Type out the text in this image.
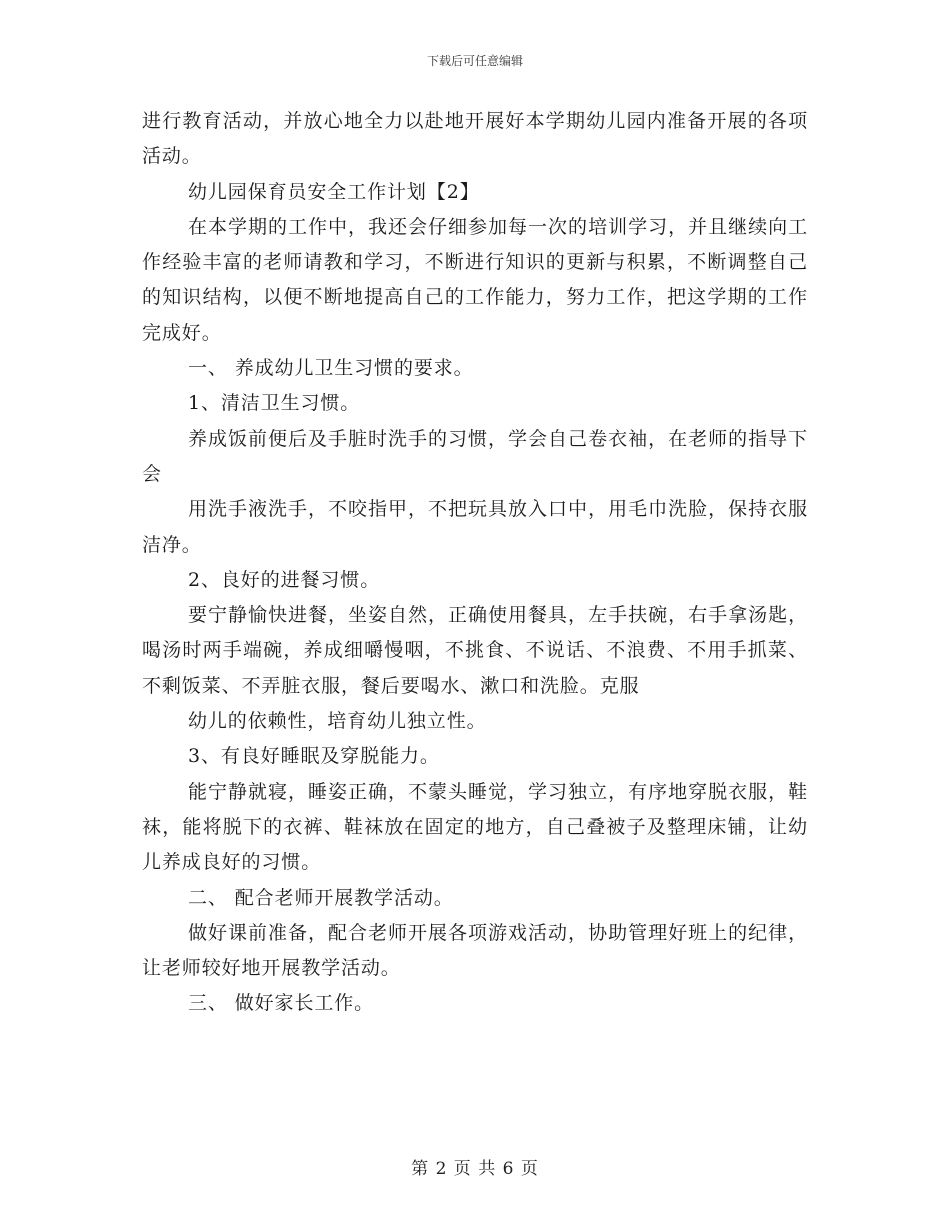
下载后可任意编辑

进行教育活动，并放心地全力以赴地开展好本学期幼儿园内准备开展的各项活动。

幼儿园保育员安全工作计划【2】

在本学期的工作中，我还会仔细参加每一次的培训学习，并且继续向工作经验丰富的老师请教和学习，不断进行知识的更新与积累，不断调整自己的知识结构，以便不断地提高自己的工作能力，努力工作，把这学期的工作完成好。

一、 养成幼儿卫生习惯的要求。

1、清洁卫生习惯。

养成饭前便后及手脏时洗手的习惯，学会自己卷衣袖，在老师的指导下会

用洗手液洗手，不咬指甲，不把玩具放入口中，用毛巾洗脸，保持衣服洁净。

2、良好的进餐习惯。

要宁静愉快进餐，坐姿自然，正确使用餐具，左手扶碗，右手拿汤匙，喝汤时两手端碗，养成细嚼慢咽，不挑食、不说话、不浪费、不用手抓菜、不剩饭菜、不弄脏衣服，餐后要喝水、漱口和洗脸。克服

幼儿的依赖性，培育幼儿独立性。

3、有良好睡眠及穿脱能力。

能宁静就寝，睡姿正确，不蒙头睡觉，学习独立，有序地穿脱衣服，鞋袜，能将脱下的衣裤、鞋袜放在固定的地方，自己叠被子及整理床铺，让幼儿养成良好的习惯。

二、 配合老师开展教学活动。

做好课前准备，配合老师开展各项游戏活动，协助管理好班上的纪律，让老师较好地开展教学活动。

三、 做好家长工作。

第 2 页 共 6 页
